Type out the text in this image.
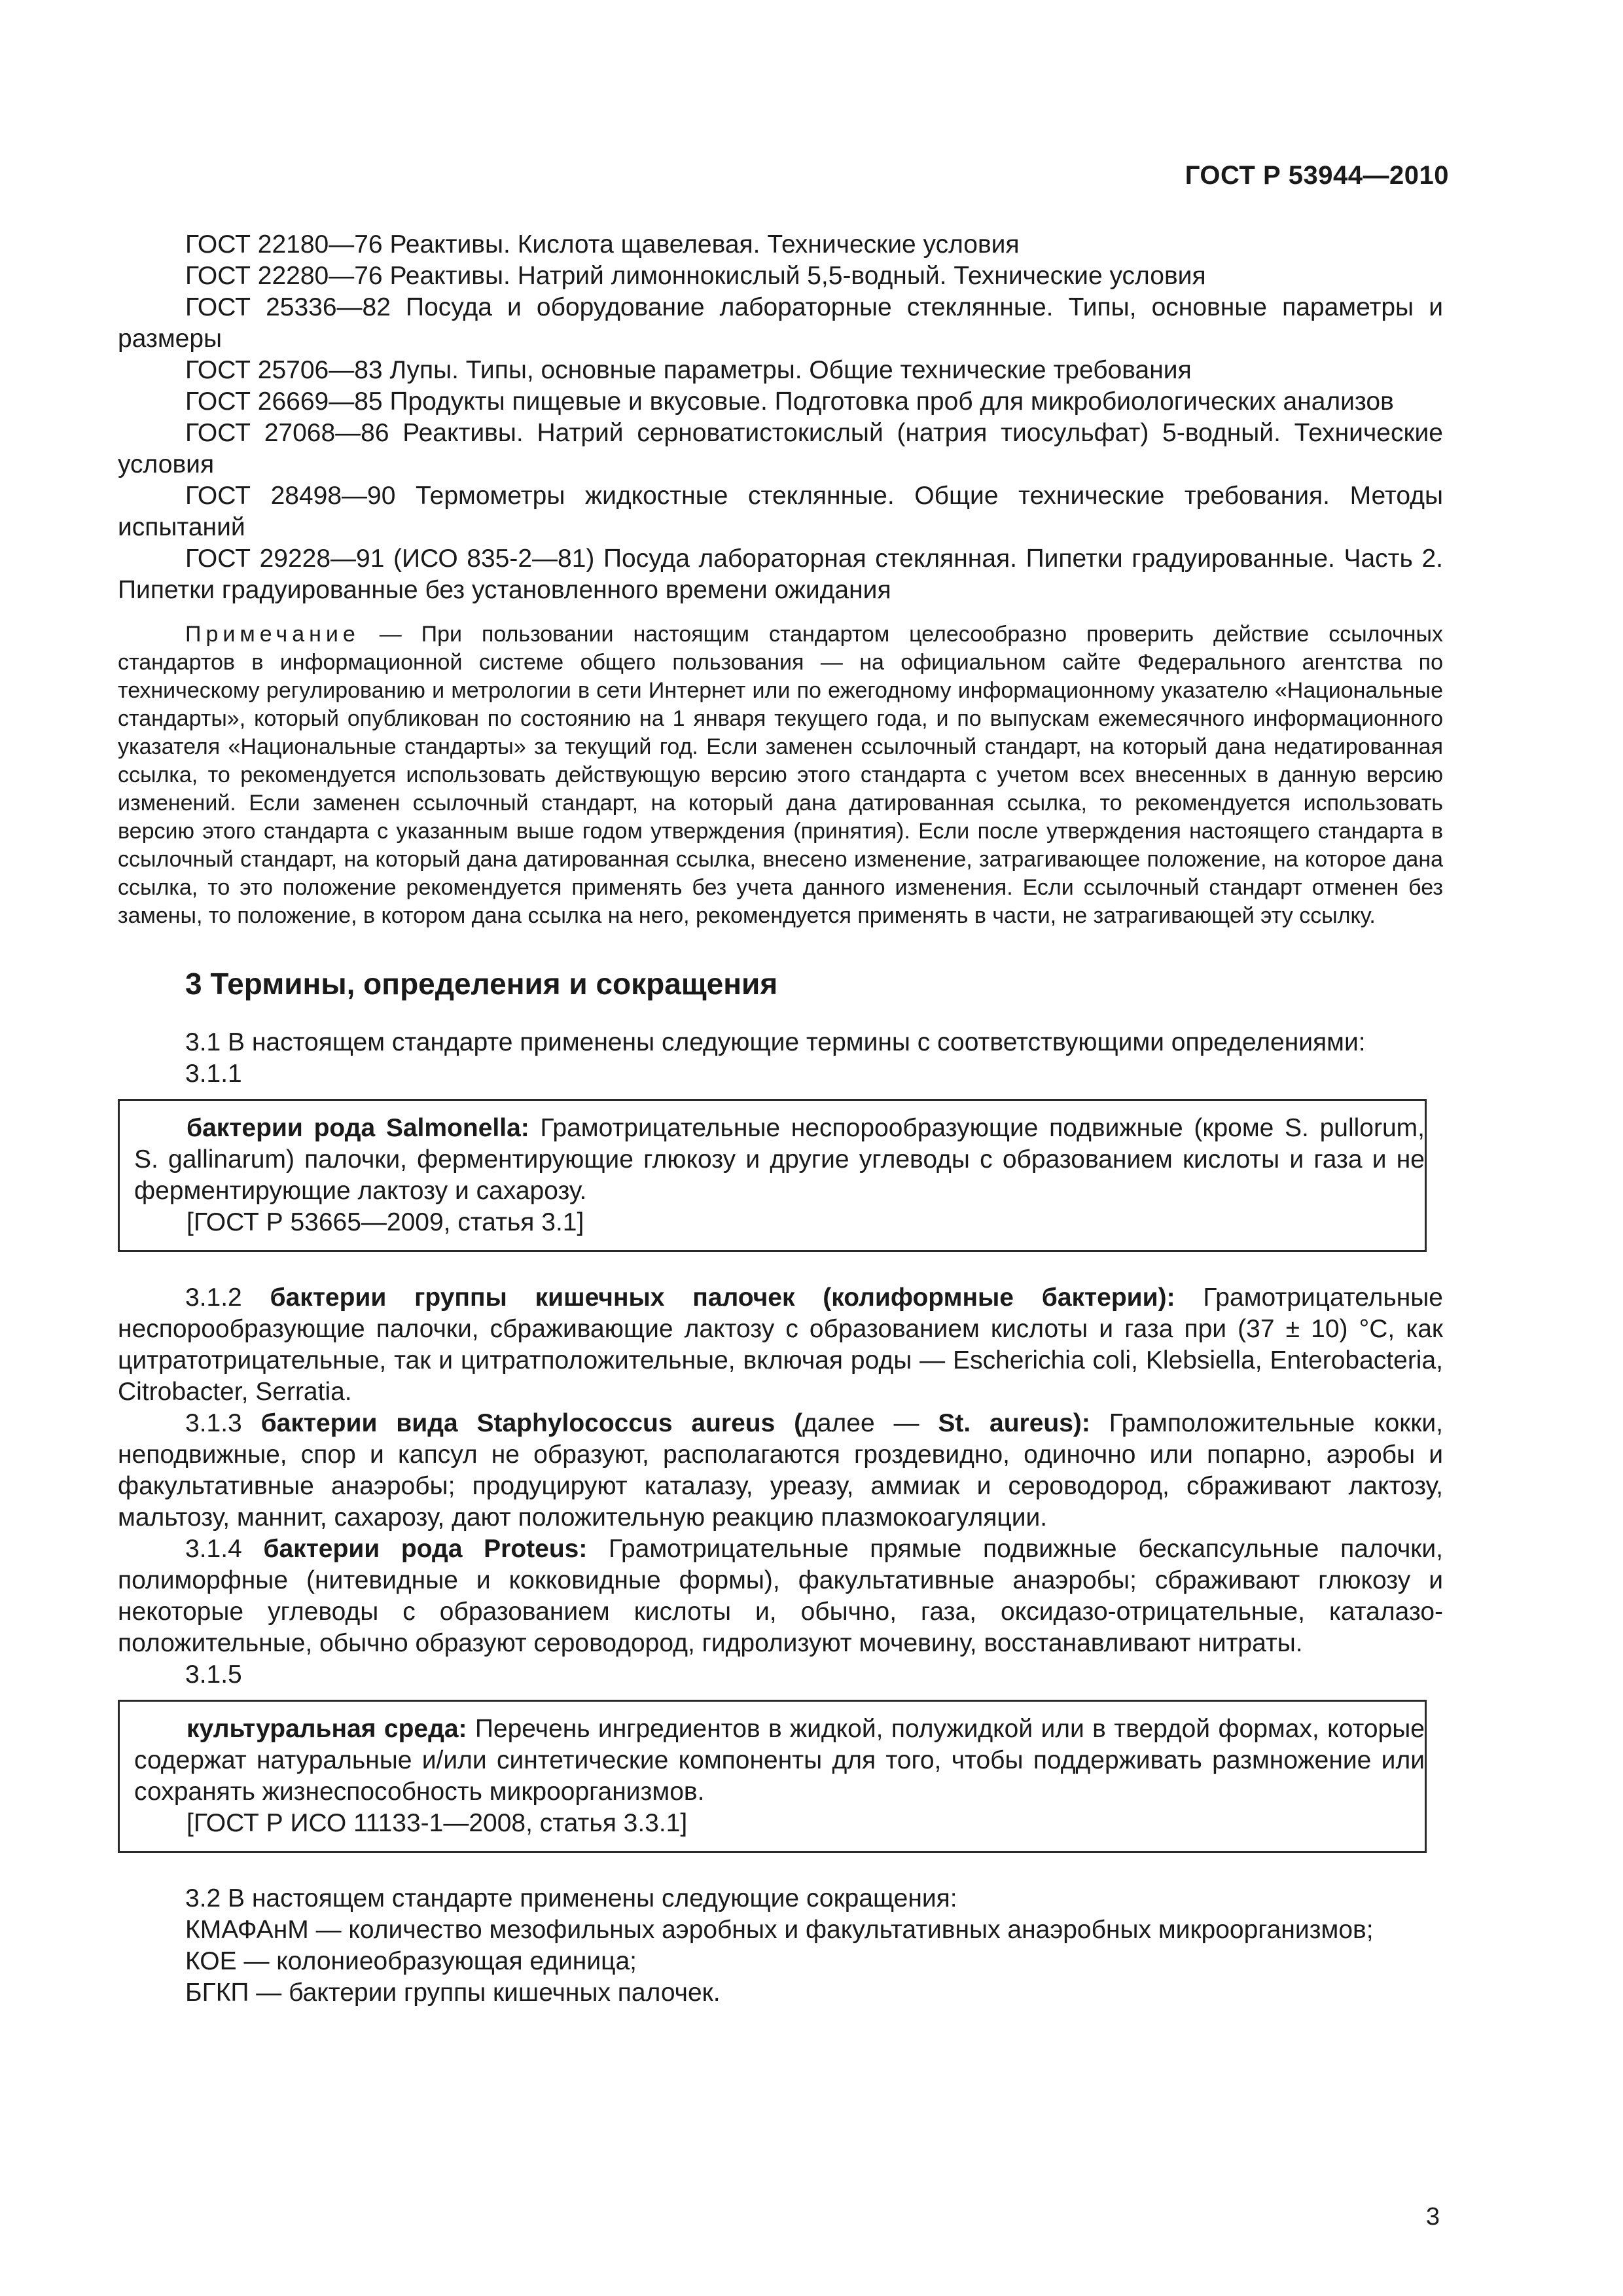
ГОСТ Р 53944—2010

ГОСТ 22180—76 Реактивы. Кислота щавелевая. Технические условия

ГОСТ 22280—76 Реактивы. Натрий лимоннокислый 5,5-водный. Технические условия

ГОСТ 25336—82 Посуда и оборудование лабораторные стеклянные. Типы, основные параметры и размеры

ГОСТ 25706—83 Лупы. Типы, основные параметры. Общие технические требования

ГОСТ 26669—85 Продукты пищевые и вкусовые. Подготовка проб для микробиологических анализов

ГОСТ 27068—86 Реактивы. Натрий серноватистокислый (натрия тиосульфат) 5-водный. Технические условия

ГОСТ 28498—90 Термометры жидкостные стеклянные. Общие технические требования. Методы испытаний

ГОСТ 29228—91 (ИСО 835-2—81) Посуда лабораторная стеклянная. Пипетки градуированные. Часть 2. Пипетки градуированные без установленного времени ожидания

Примечание — При пользовании настоящим стандартом целесообразно проверить действие ссылочных стандартов в информационной системе общего пользования — на официальном сайте Федерального агентства по техническому регулированию и метрологии в сети Интернет или по ежегодному информационному указателю «Национальные стандарты», который опубликован по состоянию на 1 января текущего года, и по выпускам ежемесячного информационного указателя «Национальные стандарты» за текущий год. Если заменен ссылочный стандарт, на который дана недатированная ссылка, то рекомендуется использовать действующую версию этого стандарта с учетом всех внесенных в данную версию изменений. Если заменен ссылочный стандарт, на который дана датированная ссылка, то рекомендуется использовать версию этого стандарта с указанным выше годом утверждения (принятия). Если после утверждения настоящего стандарта в ссылочный стандарт, на который дана датированная ссылка, внесено изменение, затрагивающее положение, на которое дана ссылка, то это положение рекомендуется применять без учета данного изменения. Если ссылочный стандарт отменен без замены, то положение, в котором дана ссылка на него, рекомендуется применять в части, не затрагивающей эту ссылку.

3 Термины, определения и сокращения

3.1 В настоящем стандарте применены следующие термины с соответствующими определениями:

3.1.1

бактерии рода Salmonella: Грамотрицательные неспорообразующие подвижные (кроме S. pullorum, S. gallinarum) палочки, ферментирующие глюкозу и другие углеводы с образованием кислоты и газа и не ферментирующие лактозу и сахарозу.

[ГОСТ Р 53665—2009, статья 3.1]

3.1.2 бактерии группы кишечных палочек (колиформные бактерии): Грамотрицательные неспорообразующие палочки, сбраживающие лактозу с образованием кислоты и газа при (37 ± 10) °С, как цитратотрицательные, так и цитратположительные, включая роды — Escherichia coli, Klebsiella, Enterobacteria, Citrobacter, Serratia.

3.1.3 бактерии вида Staphylococcus aureus (далее — St. aureus): Грамположительные кокки, неподвижные, спор и капсул не образуют, располагаются гроздевидно, одиночно или попарно, аэробы и факультативные анаэробы; продуцируют каталазу, уреазу, аммиак и сероводород, сбраживают лактозу, мальтозу, маннит, сахарозу, дают положительную реакцию плазмокоагуляции.

3.1.4 бактерии рода Proteus: Грамотрицательные прямые подвижные бескапсульные палочки, полиморфные (нитевидные и кокковидные формы), факультативные анаэробы; сбраживают глюкозу и некоторые углеводы с образованием кислоты и, обычно, газа, оксидазо-отрицательные, каталазо-положительные, обычно образуют сероводород, гидролизуют мочевину, восстанавливают нитраты.

3.1.5

культуральная среда: Перечень ингредиентов в жидкой, полужидкой или в твердой формах, которые содержат натуральные и/или синтетические компоненты для того, чтобы поддерживать размножение или сохранять жизнеспособность микроорганизмов.

[ГОСТ Р ИСО 11133-1—2008, статья 3.3.1]

3.2 В настоящем стандарте применены следующие сокращения:

КМАФАнМ — количество мезофильных аэробных и факультативных анаэробных микроорганизмов;

КОЕ — колониеобразующая единица;

БГКП — бактерии группы кишечных палочек.

3
